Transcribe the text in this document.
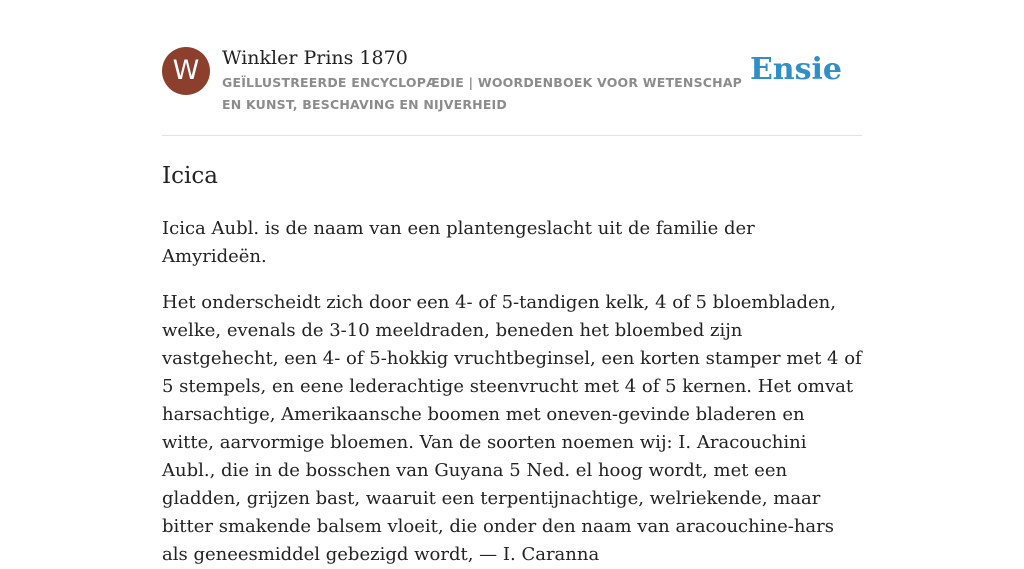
W	Winkler Prins 1870
GEÏLLUSTREERDE ENCYCLOPÆDIE | WOORDENBOEK VOOR WETENSCHAP EN KUNST, BESCHAVING EN NIJVERHEID
Ensie
Icica

Icica Aubl. is de naam van een plantengeslacht uit de familie der Amyrideën.

Het onderscheidt zich door een 4- of 5-tandigen kelk, 4 of 5 bloembladen, welke, evenals de 3-10 meeldraden, beneden het bloembed zijn vastgehecht, een 4- of 5-hokkig vruchtbeginsel, een korten stamper met 4 of 5 stempels, en eene lederachtige steenvrucht met 4 of 5 kernen. Het omvat harsachtige, Amerikaansche boomen met oneven-gevinde bladeren en witte, aarvormige bloemen. Van de soorten noemen wij: I. Aracouchini Aubl., die in de bosschen van Guyana 5 Ned. el hoog wordt, met een gladden, grijzen bast, waaruit een terpentijnachtige, welriekende, maar bitter smakende balsem vloeit, die onder den naam van aracouchine-hars als geneesmiddel gebezigd wordt, — I. Caranna
